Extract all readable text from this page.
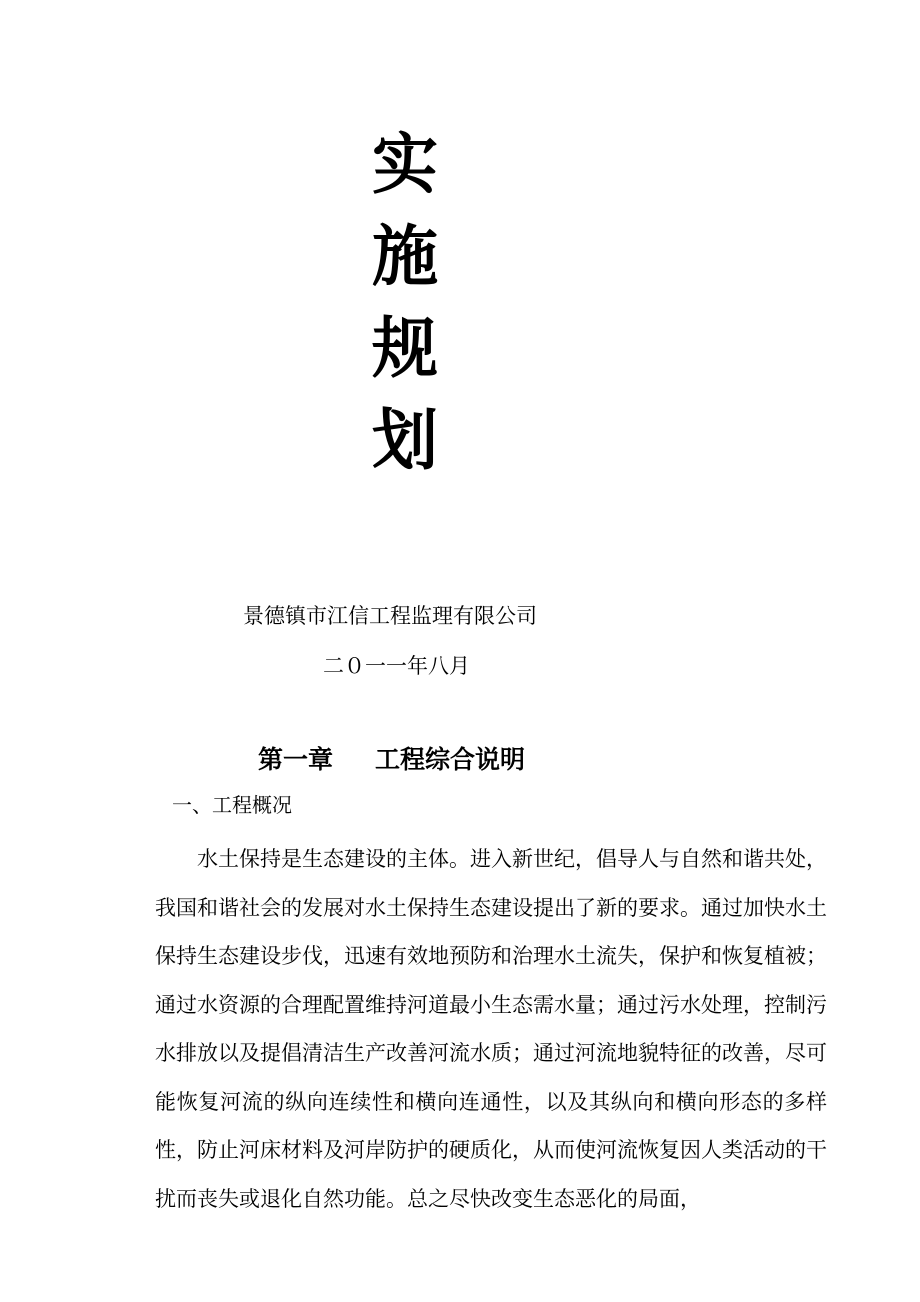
实
施
规
划
景德镇市江信工程监理有限公司
二０一一年八月
第一章 工程综合说明
一、工程概况

水土保持是生态建设的主体。进入新世纪，倡导人与自然和谐共处，我国和谐社会的发展对水土保持生态建设提出了新的要求。通过加快水土保持生态建设步伐，迅速有效地预防和治理水土流失，保护和恢复植被；通过水资源的合理配置维持河道最小生态需水量；通过污水处理，控制污水排放以及提倡清洁生产改善河流水质；通过河流地貌特征的改善，尽可能恢复河流的纵向连续性和横向连通性，以及其纵向和横向形态的多样性，防止河床材料及河岸防护的硬质化，从而使河流恢复因人类活动的干扰而丧失或退化自然功能。总之尽快改变生态恶化的局面，
